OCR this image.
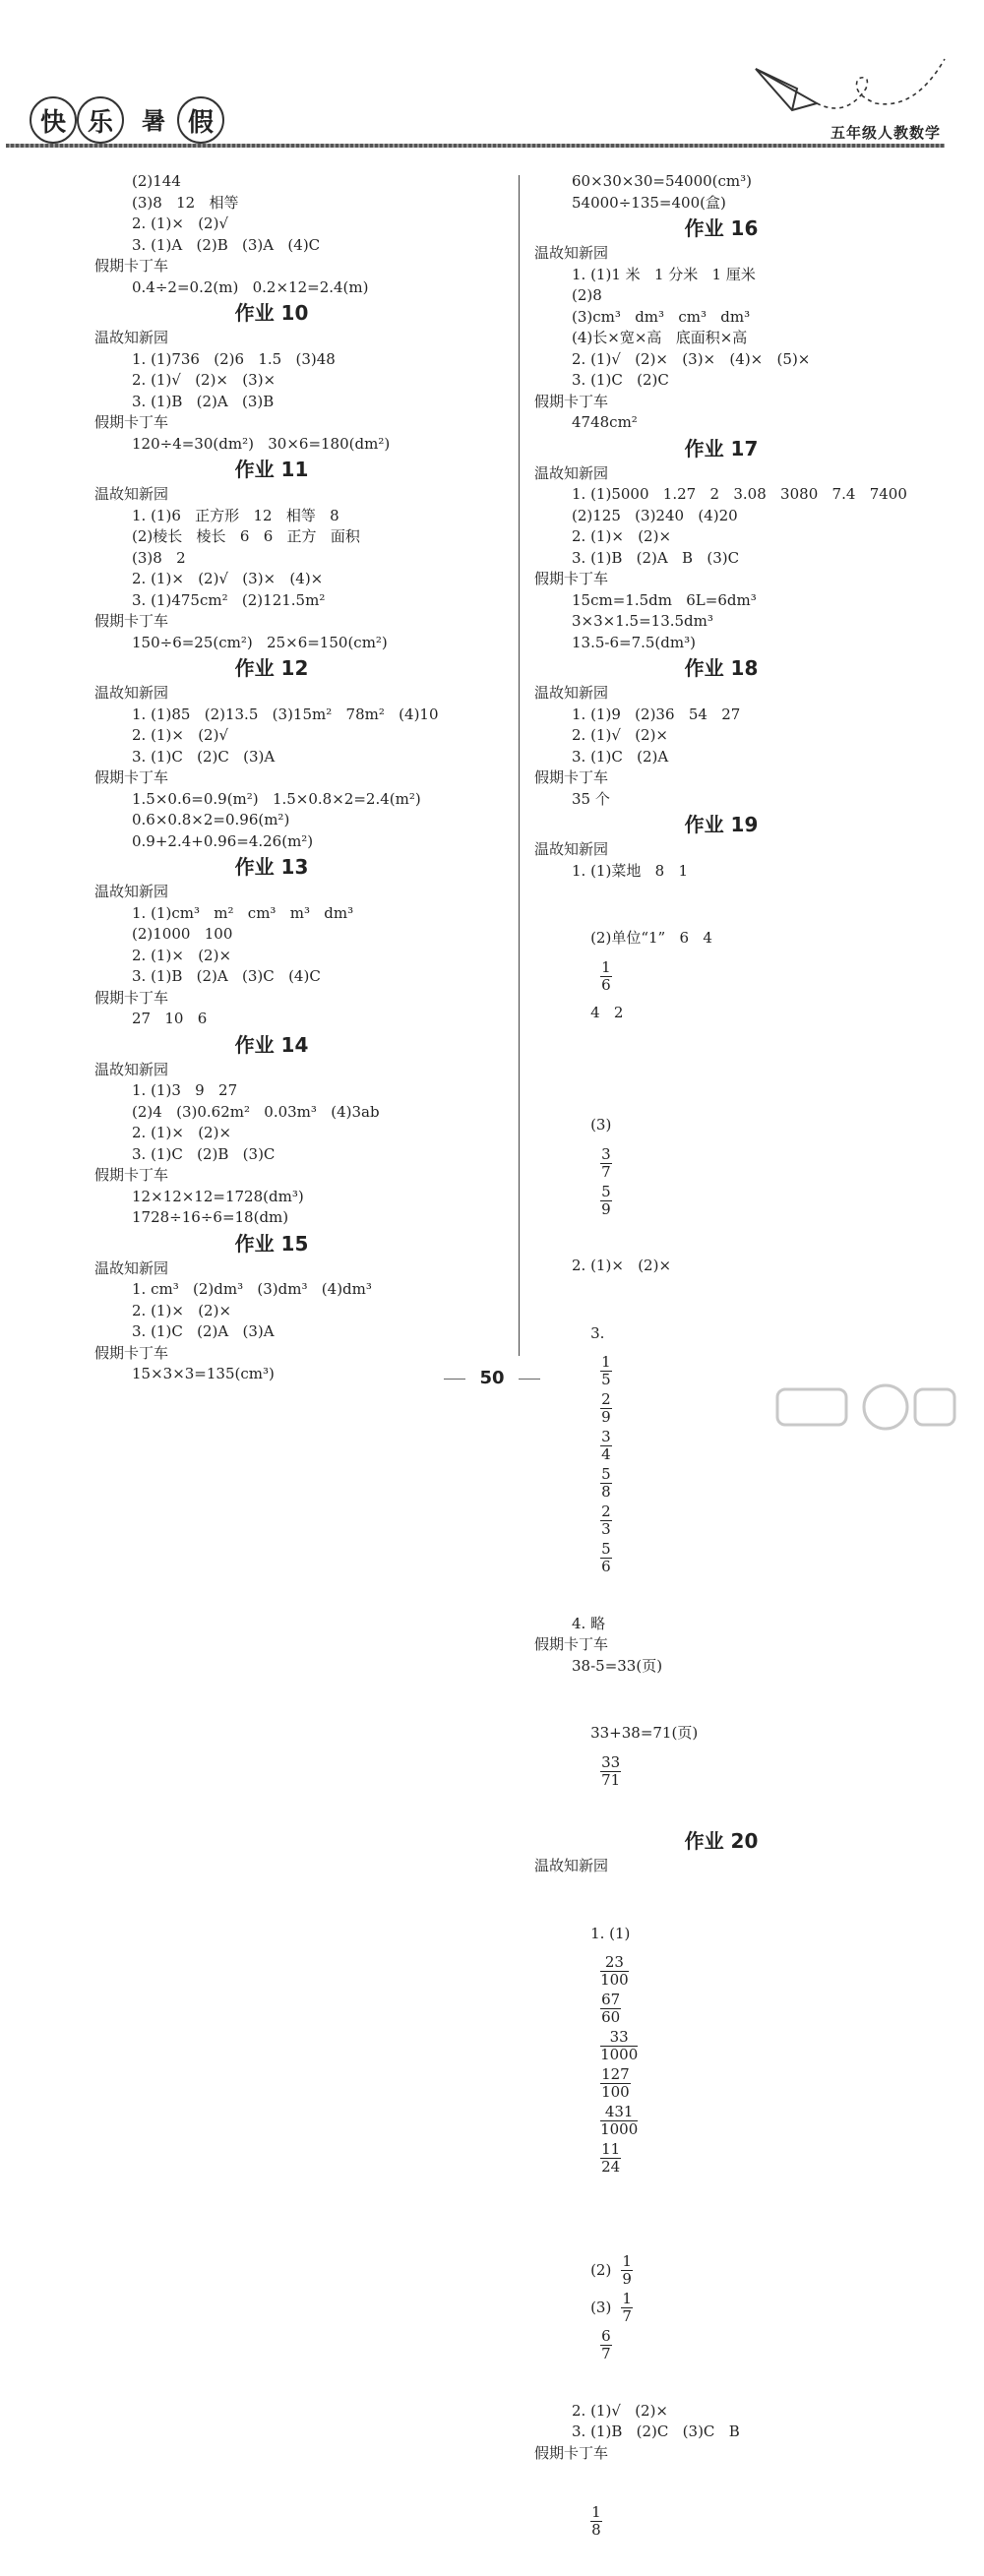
快 乐	暑 假	五年级人教数学
(2)144
(3)8   12   相等
2. (1)×   (2)√
3. (1)A   (2)B   (3)A   (4)C
假期卡丁车
0.4÷2=0.2(m)   0.2×12=2.4(m)
作业 10
温故知新园
1. (1)736   (2)6   1.5   (3)48
2. (1)√   (2)×   (3)×
3. (1)B   (2)A   (3)B
假期卡丁车
120÷4=30(dm²)   30×6=180(dm²)
作业 11
温故知新园
1. (1)6   正方形   12   相等   8
(2)棱长   棱长   6   6   正方   面积
(3)8   2
2. (1)×   (2)√   (3)×   (4)×
3. (1)475cm²   (2)121.5m²
假期卡丁车
150÷6=25(cm²)   25×6=150(cm²)
作业 12
温故知新园
1. (1)85   (2)13.5   (3)15m²   78m²   (4)10
2. (1)×   (2)√
3. (1)C   (2)C   (3)A
假期卡丁车
1.5×0.6=0.9(m²)   1.5×0.8×2=2.4(m²)
0.6×0.8×2=0.96(m²)
0.9+2.4+0.96=4.26(m²)
作业 13
温故知新园
1. (1)cm³   m²   cm³   m³   dm³
(2)1000   100
2. (1)×   (2)×
3. (1)B   (2)A   (3)C   (4)C
假期卡丁车
27   10   6
作业 14
温故知新园
1. (1)3   9   27
(2)4   (3)0.62m²   0.03m³   (4)3ab
2. (1)×   (2)×
3. (1)C   (2)B   (3)C
假期卡丁车
12×12×12=1728(dm³)
1728÷16÷6=18(dm)
作业 15
温故知新园
1. cm³   (2)dm³   (3)dm³   (4)dm³
2. (1)×   (2)×
3. (1)C   (2)A   (3)A
假期卡丁车
15×3×3=135(cm³)
60×30×30=54000(cm³)
54000÷135=400(盒)
作业 16
温故知新园
1. (1)1 米   1 分米   1 厘米
(2)8
(3)cm³   dm³   cm³   dm³
(4)长×宽×高   底面积×高
2. (1)√   (2)×   (3)×   (4)×   (5)×
3. (1)C   (2)C
假期卡丁车
4748cm²
作业 17
温故知新园
1. (1)5000   1.27   2   3.08   3080   7.4   7400
(2)125   (3)240   (4)20
2. (1)×   (2)×
3. (1)B   (2)A   B   (3)C
假期卡丁车
15cm=1.5dm   6L=6dm³
3×3×1.5=13.5dm³
13.5-6=7.5(dm³)
作业 18
温故知新园
1. (1)9   (2)36   54   27
2. (1)√   (2)×
3. (1)C   (2)A
假期卡丁车
35 个
作业 19
温故知新园
1. (1)菜地   8   1

(2)单位“1”   6   4

$\frac{1}{6}$

4   2

(3)

$\frac{3}{7}$

$\frac{5}{9}$

2. (1)×   (2)×

3.

$\frac{1}{5}$

$\frac{2}{9}$

$\frac{3}{4}$

$\frac{5}{8}$

$\frac{2}{3}$

$\frac{5}{6}$

4. 略
假期卡丁车
38-5=33(页)

33+38=71(页)

$\frac{33}{71}$

作业 20
温故知新园

1. (1)

$\frac{23}{100}$

$\frac{67}{60}$

$\frac{33}{1000}$

$\frac{127}{100}$

$\frac{431}{1000}$

$\frac{11}{24}$

$(2) \frac{1}{9}$

$(3) \frac{1}{7}$

$\frac{6}{7}$

2. (1)√   (2)×
3. (1)B   (2)C   (3)C   B
假期卡丁车

$\frac{1}{8}$

50
